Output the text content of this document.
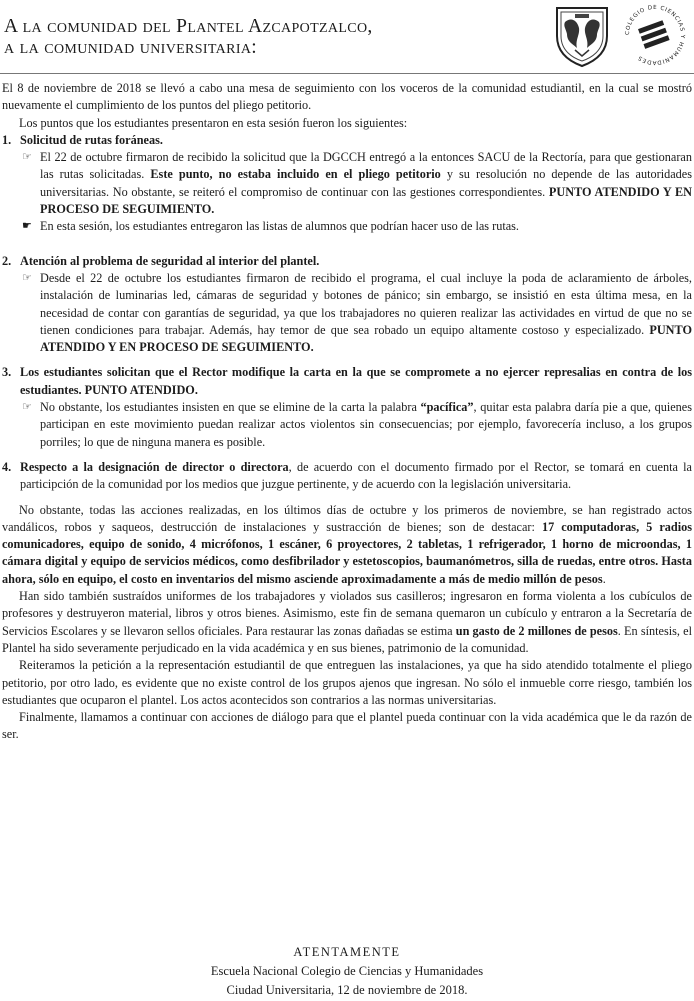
A la comunidad del Plantel Azcapotzalco,
a la comunidad universitaria:
COLEGIO DE CIENCIAS Y HUMANIDADES

El 8 de noviembre de 2018 se llevó a cabo una mesa de seguimiento con los voceros de la comunidad estudiantil, en la cual se mostró nuevamente el cumplimiento de los puntos del pliego petitorio.

Los puntos que los estudiantes presentaron en esta sesión fueron los siguientes:

1. Solicitud de rutas foráneas.
☞ El 22 de octubre firmaron de recibido la solicitud que la DGCCH entregó a la entonces SACU de la Rectoría, para que gestionaran las rutas solicitadas. Este punto, no estaba incluido en el pliego petitorio y su resolución no depende de las autoridades universitarias. No obstante, se reiteró el compromiso de continuar con las gestiones correspondientes. PUNTO ATENDIDO Y EN PROCESO DE SEGUIMIENTO.
☛ En esta sesión, los estudiantes entregaron las listas de alumnos que podrían hacer uso de las rutas.
2. Atención al problema de seguridad al interior del plantel.
☞ Desde el 22 de octubre los estudiantes firmaron de recibido el programa, el cual incluye la poda de aclaramiento de árboles, instalación de luminarias led, cámaras de seguridad y botones de pánico; sin embargo, se insistió en esta última mesa, en la necesidad de contar con garantías de seguridad, ya que los trabajadores no quieren realizar las actividades en virtud de que no se tienen condiciones para trabajar. Además, hay temor de que sea robado un equipo altamente costoso y especializado. PUNTO ATENDIDO Y EN PROCESO DE SEGUIMIENTO.
3. Los estudiantes solicitan que el Rector modifique la carta en la que se compromete a no ejercer represalias en contra de los estudiantes. PUNTO ATENDIDO.
☞ No obstante, los estudiantes insisten en que se elimine de la carta la palabra “pacífica”, quitar esta palabra daría pie a que, quienes participan en este movimiento puedan realizar actos violentos sin consecuencias; por ejemplo, favorecería incluso, a los grupos porriles; lo que de ninguna manera es posible.
4. Respecto a la designación de director o directora, de acuerdo con el documento firmado por el Rector, se tomará en cuenta la participción de la comunidad por los medios que juzgue pertinente, y de acuerdo con la legislación universitaria.

No obstante, todas las acciones realizadas, en los últimos días de octubre y los primeros de noviembre, se han registrado actos vandálicos, robos y saqueos, destrucción de instalaciones y sustracción de bienes; son de destacar: 17 computadoras, 5 radios comunicadores, equipo de sonido, 4 micrófonos, 1 escáner, 6 proyectores, 2 tabletas, 1 refrigerador, 1 horno de microondas, 1 cámara digital y equipo de servicios médicos, como desfibrilador y estetoscopios, baumanómetros, silla de ruedas, entre otros. Hasta ahora, sólo en equipo, el costo en inventarios del mismo asciende aproximadamente a más de medio millón de pesos.

Han sido también sustraídos uniformes de los trabajadores y violados sus casilleros; ingresaron en forma violenta a los cubículos de profesores y destruyeron material, libros y otros bienes. Asimismo, este fin de semana quemaron un cubículo y entraron a la Secretaría de Servicios Escolares y se llevaron sellos oficiales. Para restaurar las zonas dañadas se estima un gasto de 2 millones de pesos. En síntesis, el Plantel ha sido severamente perjudicado en la vida académica y en sus bienes, patrimonio de la comunidad.

Reiteramos la petición a la representación estudiantil de que entreguen las instalaciones, ya que ha sido atendido totalmente el pliego petitorio, por otro lado, es evidente que no existe control de los grupos ajenos que ingresan. No sólo el inmueble corre riesgo, también los estudiantes que ocuparon el plantel. Los actos acontecidos son contrarios a las normas universitarias.

Finalmente, llamamos a continuar con acciones de diálogo para que el plantel pueda continuar con la vida académica que le da razón de ser.

ATENTAMENTE
Escuela Nacional Colegio de Ciencias y Humanidades
Ciudad Universitaria, 12 de noviembre de 2018.
